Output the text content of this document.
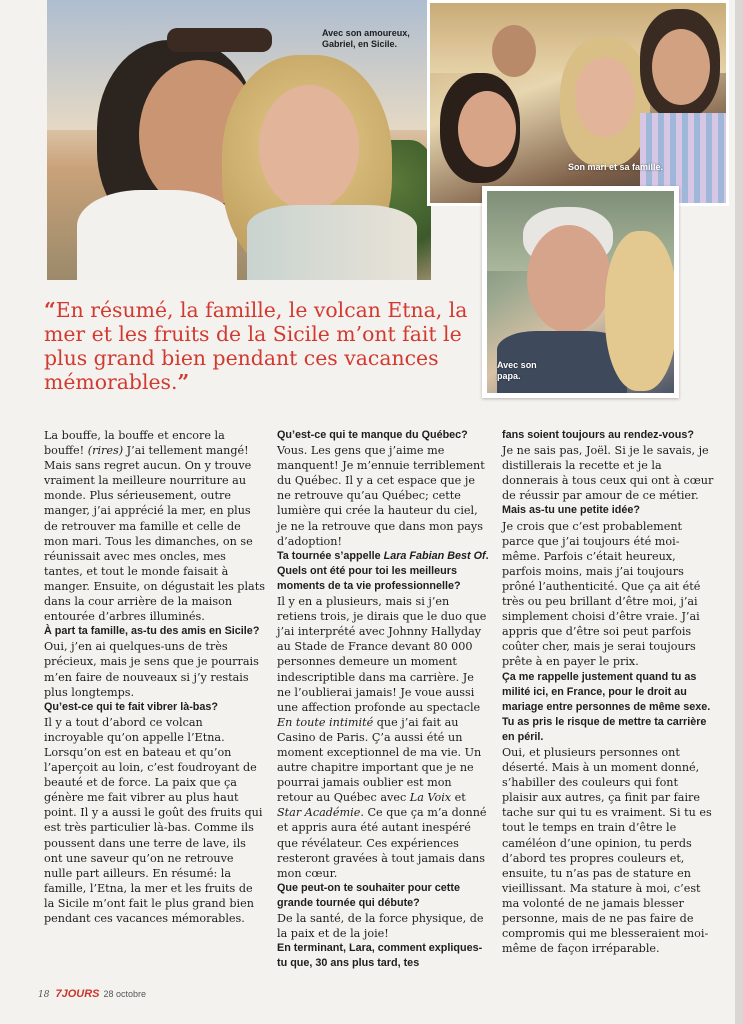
Avec son amoureux, Gabriel, en Sicile.
Son mari et sa famille.
Avec son papa.
“En résumé, la famille, le volcan Etna, la mer et les fruits de la Sicile m’ont fait le plus grand bien pendant ces vacances mémorables.”

La bouffe, la bouffe et encore la bouffe! (rires) J’ai tellement mangé! Mais sans regret aucun. On y trouve vraiment la meilleure nourriture au monde. Plus sérieusement, outre manger, j’ai apprécié la mer, en plus de retrouver ma famille et celle de mon mari. Tous les dimanches, on se réunissait avec mes oncles, mes tantes, et tout le monde faisait à manger. Ensuite, on dégustait les plats dans la cour arrière de la maison entourée d’arbres illuminés.

À part ta famille, as-tu des amis en Sicile?

Oui, j’en ai quelques-uns de très précieux, mais je sens que je pourrais m’en faire de nouveaux si j’y restais plus longtemps.

Qu’est-ce qui te fait vibrer là-bas?

Il y a tout d’abord ce volcan incroyable qu’on appelle l’Etna. Lorsqu’on est en bateau et qu’on l’aperçoit au loin, c’est foudroyant de beauté et de force. La paix que ça génère me fait vibrer au plus haut point. Il y a aussi le goût des fruits qui est très particulier là-bas. Comme ils poussent dans une terre de lave, ils ont une saveur qu’on ne retrouve nulle part ailleurs. En résumé: la famille, l’Etna, la mer et les fruits de la Sicile m’ont fait le plus grand bien pendant ces vacances mémorables.

Qu’est-ce qui te manque du Québec?

Vous. Les gens que j’aime me manquent! Je m’ennuie terriblement du Québec. Il y a cet espace que je ne retrouve qu’au Québec; cette lumière qui crée la hauteur du ciel, je ne la retrouve que dans mon pays d’adoption!

Ta tournée s’appelle Lara Fabian Best Of. Quels ont été pour toi les meilleurs moments de ta vie professionnelle?

Il y en a plusieurs, mais si j’en retiens trois, je dirais que le duo que j’ai interprété avec Johnny Hallyday au Stade de France devant 80 000 personnes demeure un moment indescriptible dans ma carrière. Je ne l’oublierai jamais! Je voue aussi une affection profonde au spectacle En toute intimité que j’ai fait au Casino de Paris. Ç’a aussi été un moment exceptionnel de ma vie. Un autre chapitre important que je ne pourrai jamais oublier est mon retour au Québec avec La Voix et Star Académie. Ce que ça m’a donné et appris aura été autant inespéré que révélateur. Ces expériences resteront gravées à tout jamais dans mon cœur.

Que peut-on te souhaiter pour cette grande tournée qui débute?

De la santé, de la force physique, de la paix et de la joie!

En terminant, Lara, comment expliques-tu que, 30 ans plus tard, tes

fans soient toujours au rendez-vous?

Je ne sais pas, Joël. Si je le savais, je distillerais la recette et je la donnerais à tous ceux qui ont à cœur de réussir par amour de ce métier.

Mais as-tu une petite idée?

Je crois que c’est probablement parce que j’ai toujours été moi-même. Parfois c’était heureux, parfois moins, mais j’ai toujours prôné l’authenticité. Que ça ait été très ou peu brillant d’être moi, j’ai simplement choisi d’être vraie. J’ai appris que d’être soi peut parfois coûter cher, mais je serai toujours prête à en payer le prix.

Ça me rappelle justement quand tu as milité ici, en France, pour le droit au mariage entre personnes de même sexe. Tu as pris le risque de mettre ta carrière en péril.

Oui, et plusieurs personnes ont déserté. Mais à un moment donné, s’habiller des couleurs qui font plaisir aux autres, ça finit par faire tache sur qui tu es vraiment. Si tu es tout le temps en train d’être le caméléon d’une opinion, tu perds d’abord tes propres couleurs et, ensuite, tu n’as pas de stature en vieillissant. Ma stature à moi, c’est ma volonté de ne jamais blesser personne, mais de ne pas faire de compromis qui me blesseraient moi-même de façon irréparable.

18 7JOURS 28 octobre
